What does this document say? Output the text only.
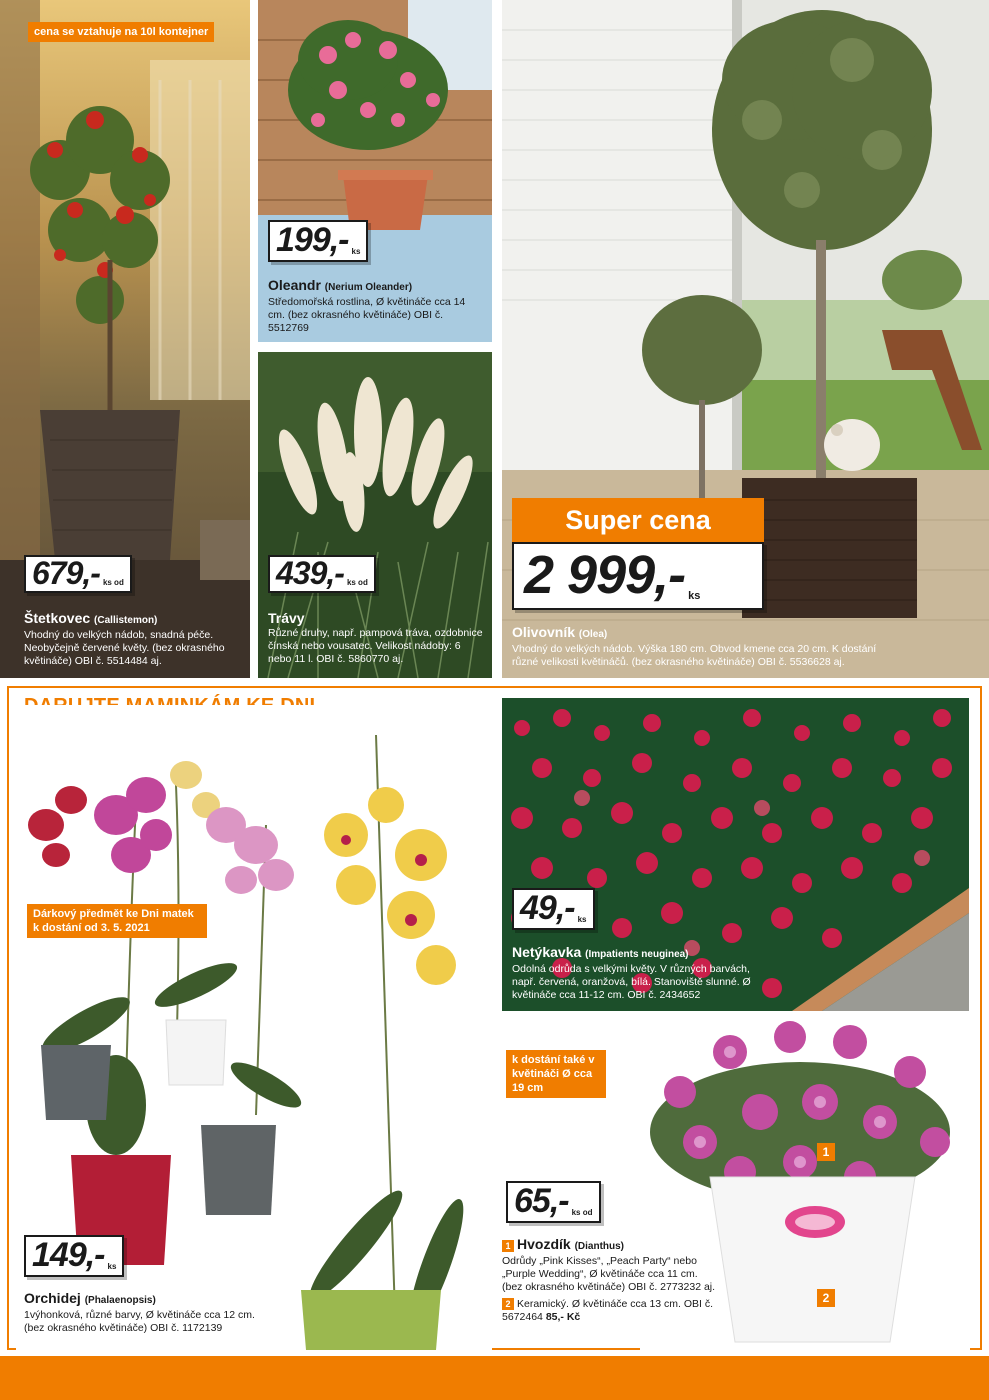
cena se vztahuje na 10l kontejner
679,- ks od
Štetkovec (Callistemon)
Vhodný do velkých nádob, snadná péče. Neobyčejně červené květy. (bez okrasného květináče) OBI č. 5514484 aj.
199,- ks
Oleandr (Nerium Oleander)
Středomořská rostlina, Ø květináče cca 14 cm. (bez okrasného květináče) OBI č. 5512769
439,- ks od
Trávy
Různé druhy, např. pampová tráva, ozdobnice čínská nebo vousatec. Velikost nádoby: 6 nebo 11 l. OBI č. 5860770 aj.
Super cena
2 999,- ks
Olivovník (Olea)
Vhodný do velkých nádob. Výška 180 cm. Obvod kmene cca 20 cm. K dostání různé velikosti květináčů. (bez okrasného květináče) OBI č. 5536628 aj.
Dárkový předmět ke Dni matek k dostání od 3. 5. 2021
149,- ks
Orchidej (Phalaenopsis)
1výhonková, různé barvy, Ø květináče cca 12 cm. (bez okrasného květináče) OBI č. 1172139
49,- ks
Netýkavka (Impatients neuginea)
Odolná odrůda s velkými květy. V různých barvách, např. červená, oranžová, bílá. Stanoviště slunné. Ø květináče cca 11-12 cm. OBI č. 2434652
k dostání také v květináči Ø cca 19 cm
1
2
65,- ks od
1 Hvozdík (Dianthus)
Odrůdy „Pink Kisses“, „Peach Party“ nebo „Purple Wedding“, Ø květináče cca 11 cm. (bez okrasného květináče) OBI č. 2773232 aj.
2 Keramický. Ø květináče cca 13 cm. OBI č. 5672464 85,- Kč
